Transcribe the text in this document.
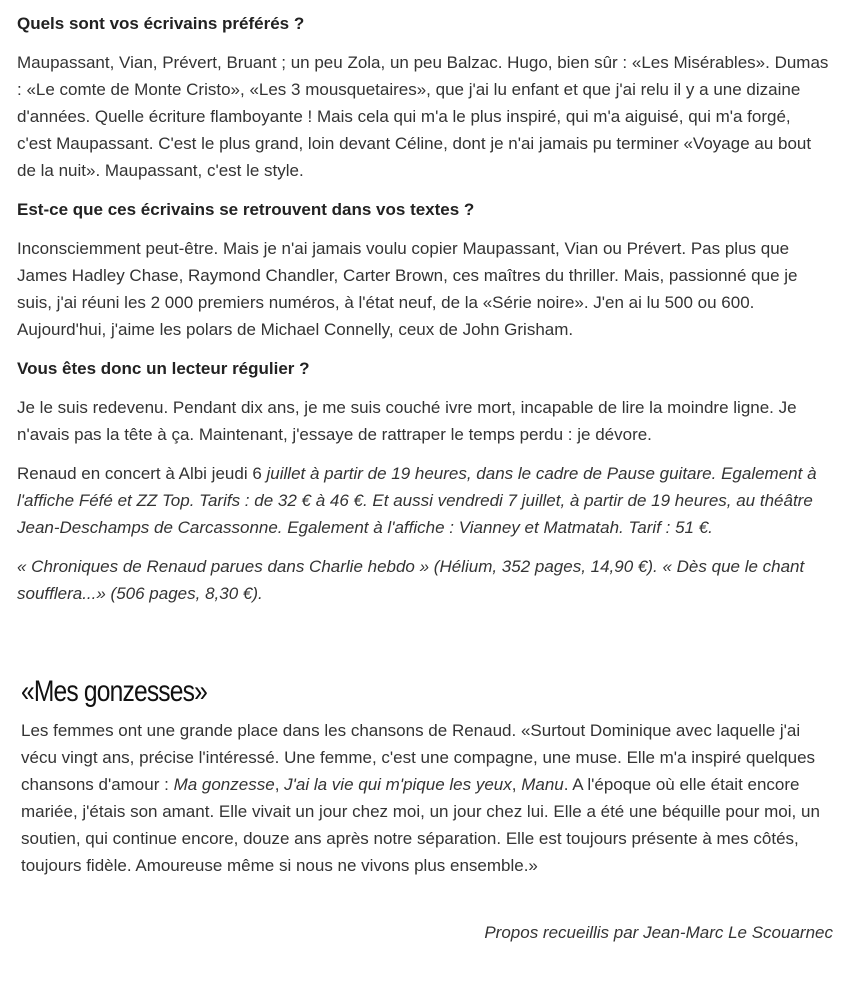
Quels sont vos écrivains préférés ?

Maupassant, Vian, Prévert, Bruant ; un peu Zola, un peu Balzac. Hugo, bien sûr : «Les Misérables». Dumas : «Le comte de Monte Cristo», «Les 3 mousquetaires», que j'ai lu enfant et que j'ai relu il y a une dizaine d'années. Quelle écriture flamboyante ! Mais cela qui m'a le plus inspiré, qui m'a aiguisé, qui m'a forgé, c'est Maupassant. C'est le plus grand, loin devant Céline, dont je n'ai jamais pu terminer «Voyage au bout de la nuit». Maupassant, c'est le style.

Est-ce que ces écrivains se retrouvent dans vos textes ?

Inconsciemment peut-être. Mais je n'ai jamais voulu copier Maupassant, Vian ou Prévert. Pas plus que James Hadley Chase, Raymond Chandler, Carter Brown, ces maîtres du thriller. Mais, passionné que je suis, j'ai réuni les 2 000 premiers numéros, à l'état neuf, de la «Série noire». J'en ai lu 500 ou 600. Aujourd'hui, j'aime les polars de Michael Connelly, ceux de John Grisham.

Vous êtes donc un lecteur régulier ?

Je le suis redevenu. Pendant dix ans, je me suis couché ivre mort, incapable de lire la moindre ligne. Je n'avais pas la tête à ça. Maintenant, j'essaye de rattraper le temps perdu : je dévore.

Renaud en concert à Albi jeudi 6 juillet à partir de 19 heures, dans le cadre de Pause guitare. Egalement à l'affiche Féfé et ZZ Top. Tarifs : de 32 € à 46 €. Et aussi vendredi 7 juillet, à partir de 19 heures, au théâtre Jean-Deschamps de Carcassonne. Egalement à l'affiche : Vianney et Matmatah. Tarif : 51 €.

« Chroniques de Renaud parues dans Charlie hebdo » (Hélium, 352 pages, 14,90 €). « Dès que le chant soufflera...» (506 pages, 8,30 €).

«Mes gonzesses»

Les femmes ont une grande place dans les chansons de Renaud. «Surtout Dominique avec laquelle j'ai vécu vingt ans, précise l'intéressé. Une femme, c'est une compagne, une muse. Elle m'a inspiré quelques chansons d'amour : Ma gonzesse, J'ai la vie qui m'pique les yeux, Manu. A l'époque où elle était encore mariée, j'étais son amant. Elle vivait un jour chez moi, un jour chez lui. Elle a été une béquille pour moi, un soutien, qui continue encore, douze ans après notre séparation. Elle est toujours présente à mes côtés, toujours fidèle. Amoureuse même si nous ne vivons plus ensemble.»

Propos recueillis par Jean-Marc Le Scouarnec
